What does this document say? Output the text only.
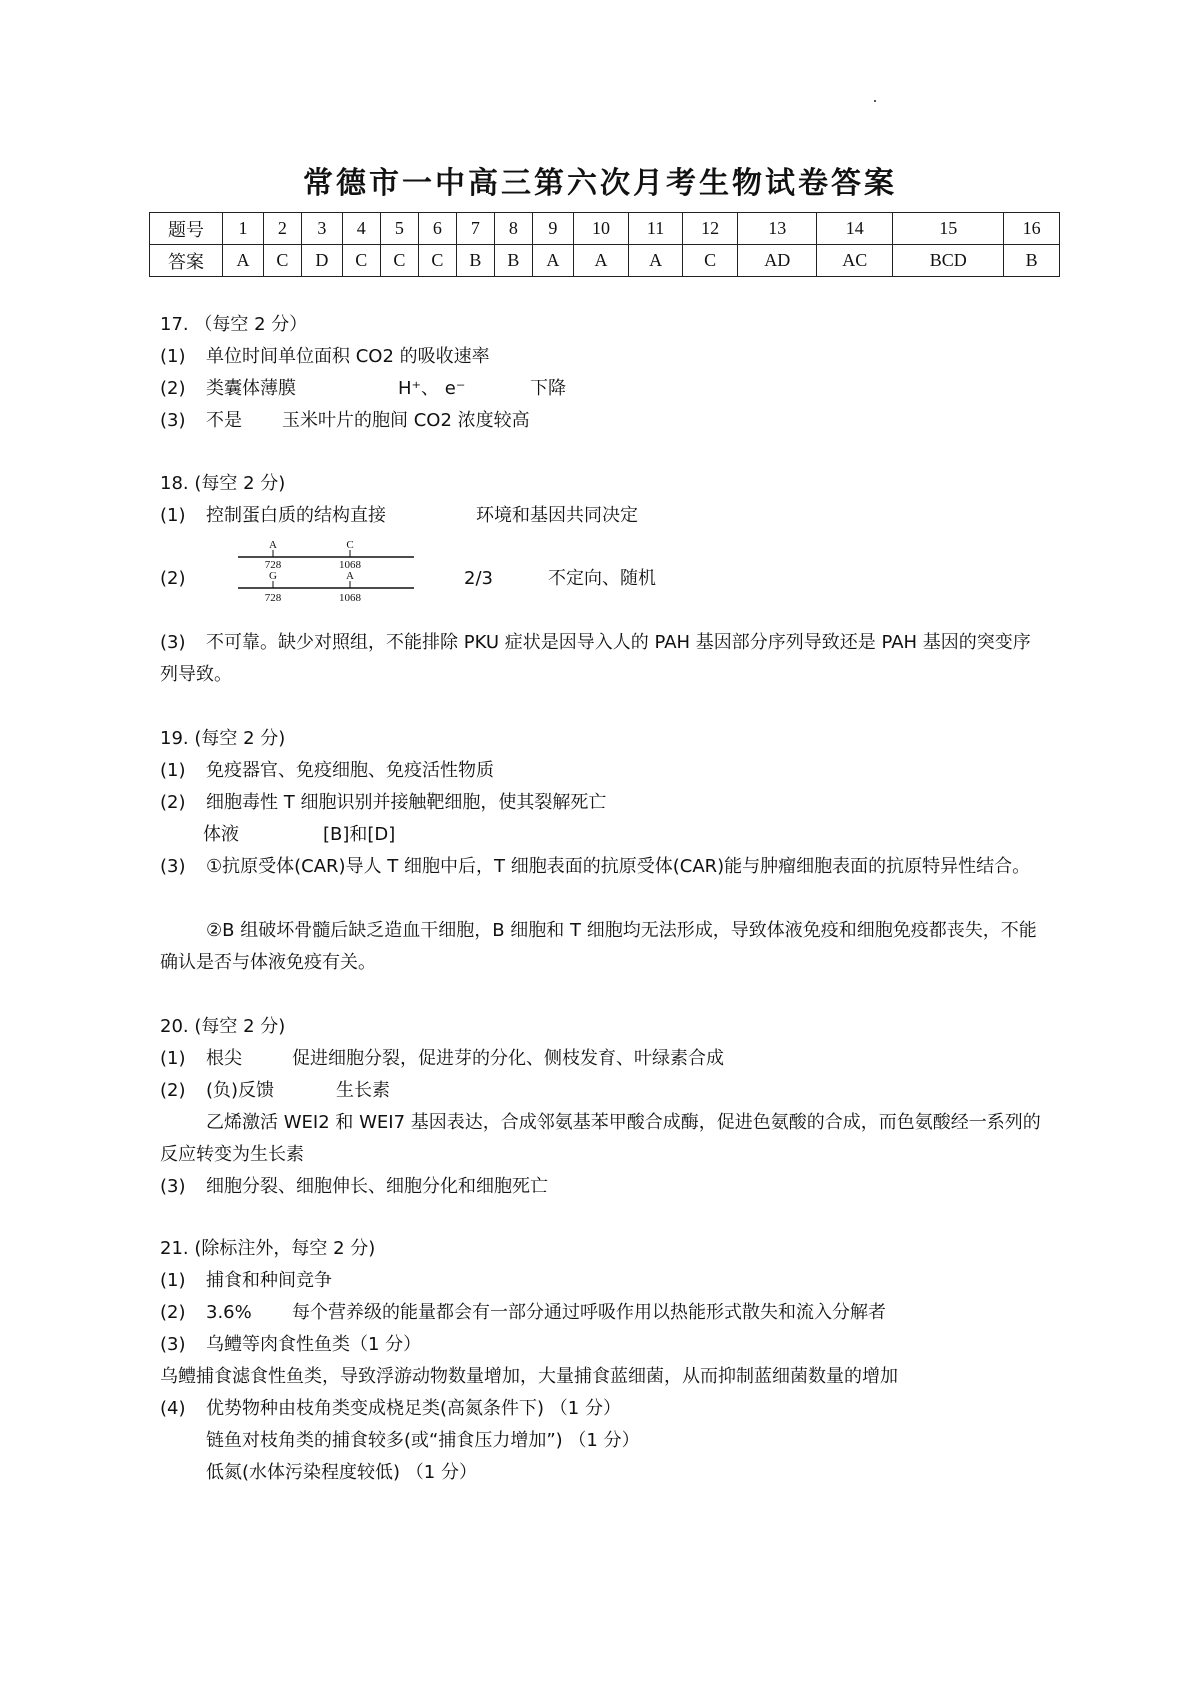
常德市一中高三第六次月考生物试卷答案
题号	1	2	3	4	5	6	7	8	9	10	11	12	13	14	15	16
答案	A	C	D	C	C	C	B	B	A	A	A	C	AD	AC	BCD	B
17. （每空 2 分）
(1) 单位时间单位面积 CO2 的吸收速率
(2) 类囊体薄膜	H⁺、 e⁻	下降
(3) 不是 玉米叶片的胞间 CO2 浓度较高
18. (每空 2 分)
(1) 控制蛋白质的结构直接	环境和基因共同决定
(2)
A	C
728	1068
G	A
728	1068
2/3	不定向、随机
(3) 不可靠。缺少对照组，不能排除 PKU 症状是因导入人的 PAH 基因部分序列导致还是 PAH 基因的突变序列导致。
19. (每空 2 分)
(1) 免疫器官、免疫细胞、免疫活性物质
(2) 细胞毒性 T 细胞识别并接触靶细胞，使其裂解死亡
体液	[B]和[D]
(3) ①抗原受体(CAR)导人 T 细胞中后，T 细胞表面的抗原受体(CAR)能与肿瘤细胞表面的抗原特异性结合。
②B 组破坏骨髓后缺乏造血干细胞，B 细胞和 T 细胞均无法形成，导致体液免疫和细胞免疫都丧失，不能确认是否与体液免疫有关。
20. (每空 2 分)
(1) 根尖	促进细胞分裂，促进芽的分化、侧枝发育、叶绿素合成
(2) (负)反馈	生长素
乙烯激活 WEI2 和 WEI7 基因表达，合成邻氨基苯甲酸合成酶，促进色氨酸的合成，而色氨酸经一系列的反应转变为生长素
(3) 细胞分裂、细胞伸长、细胞分化和细胞死亡
21. (除标注外，每空 2 分)
(1) 捕食和种间竞争
(2) 3.6% 每个营养级的能量都会有一部分通过呼吸作用以热能形式散失和流入分解者
(3) 乌鳢等肉食性鱼类（1 分）
乌鳢捕食滤食性鱼类，导致浮游动物数量增加，大量捕食蓝细菌，从而抑制蓝细菌数量的增加
(4) 优势物种由枝角类变成桡足类(高氮条件下) （1 分）
链鱼对枝角类的捕食较多(或“捕食压力增加”) （1 分）
低氮(水体污染程度较低) （1 分）
